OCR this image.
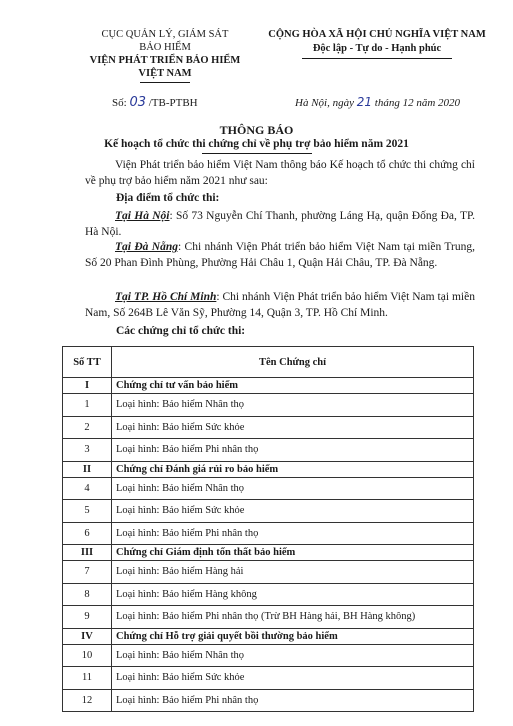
CỤC QUẢN LÝ, GIÁM SÁT
BẢO HIỂM
VIỆN PHÁT TRIỂN BẢO HIỂM
VIỆT NAM
CỘNG HÒA XÃ HỘI CHỦ NGHĨA VIỆT NAM
Độc lập - Tự do - Hạnh phúc
Số: 03 /TB-PTBH	Hà Nội, ngày 21 tháng 12 năm 2020
THÔNG BÁO
Kế hoạch tổ chức thi chứng chỉ về phụ trợ bảo hiểm năm 2021
Viện Phát triển bảo hiểm Việt Nam thông báo Kế hoạch tổ chức thi chứng chỉ về phụ trợ bảo hiểm năm 2021 như sau:
Địa điểm tổ chức thi:
Tại Hà Nội: Số 73 Nguyễn Chí Thanh, phường Láng Hạ, quận Đống Đa, TP. Hà Nội.
Tại Đà Nẵng: Chi nhánh Viện Phát triển bảo hiểm Việt Nam tại miền Trung, Số 20 Phan Đình Phùng, Phường Hải Châu 1, Quận Hải Châu, TP. Đà Nẵng.
Tại TP. Hồ Chí Minh: Chi nhánh Viện Phát triển bảo hiểm Việt Nam tại miền Nam, Số 264B Lê Văn Sỹ, Phường 14, Quận 3, TP. Hồ Chí Minh.
Các chứng chỉ tổ chức thi:
Số TT	Tên Chứng chỉ
I	Chứng chỉ tư vấn bảo hiểm
1	Loại hình: Bảo hiểm Nhân thọ
2	Loại hình: Bảo hiểm Sức khỏe
3	Loại hình: Bảo hiểm Phi nhân thọ
II	Chứng chỉ Đánh giá rủi ro bảo hiểm
4	Loại hình: Bảo hiểm Nhân thọ
5	Loại hình: Bảo hiểm Sức khỏe
6	Loại hình: Bảo hiểm Phi nhân thọ
III	Chứng chỉ Giám định tổn thất bảo hiểm
7	Loại hình: Bảo hiểm Hàng hải
8	Loại hình: Bảo hiểm Hàng không
9	Loại hình: Bảo hiểm Phi nhân thọ (Trừ BH Hàng hải, BH Hàng không)
IV	Chứng chỉ Hỗ trợ giải quyết bồi thường bảo hiểm
10	Loại hình: Bảo hiểm Nhân thọ
11	Loại hình: Bảo hiểm Sức khỏe
12	Loại hình: Bảo hiểm Phi nhân thọ
